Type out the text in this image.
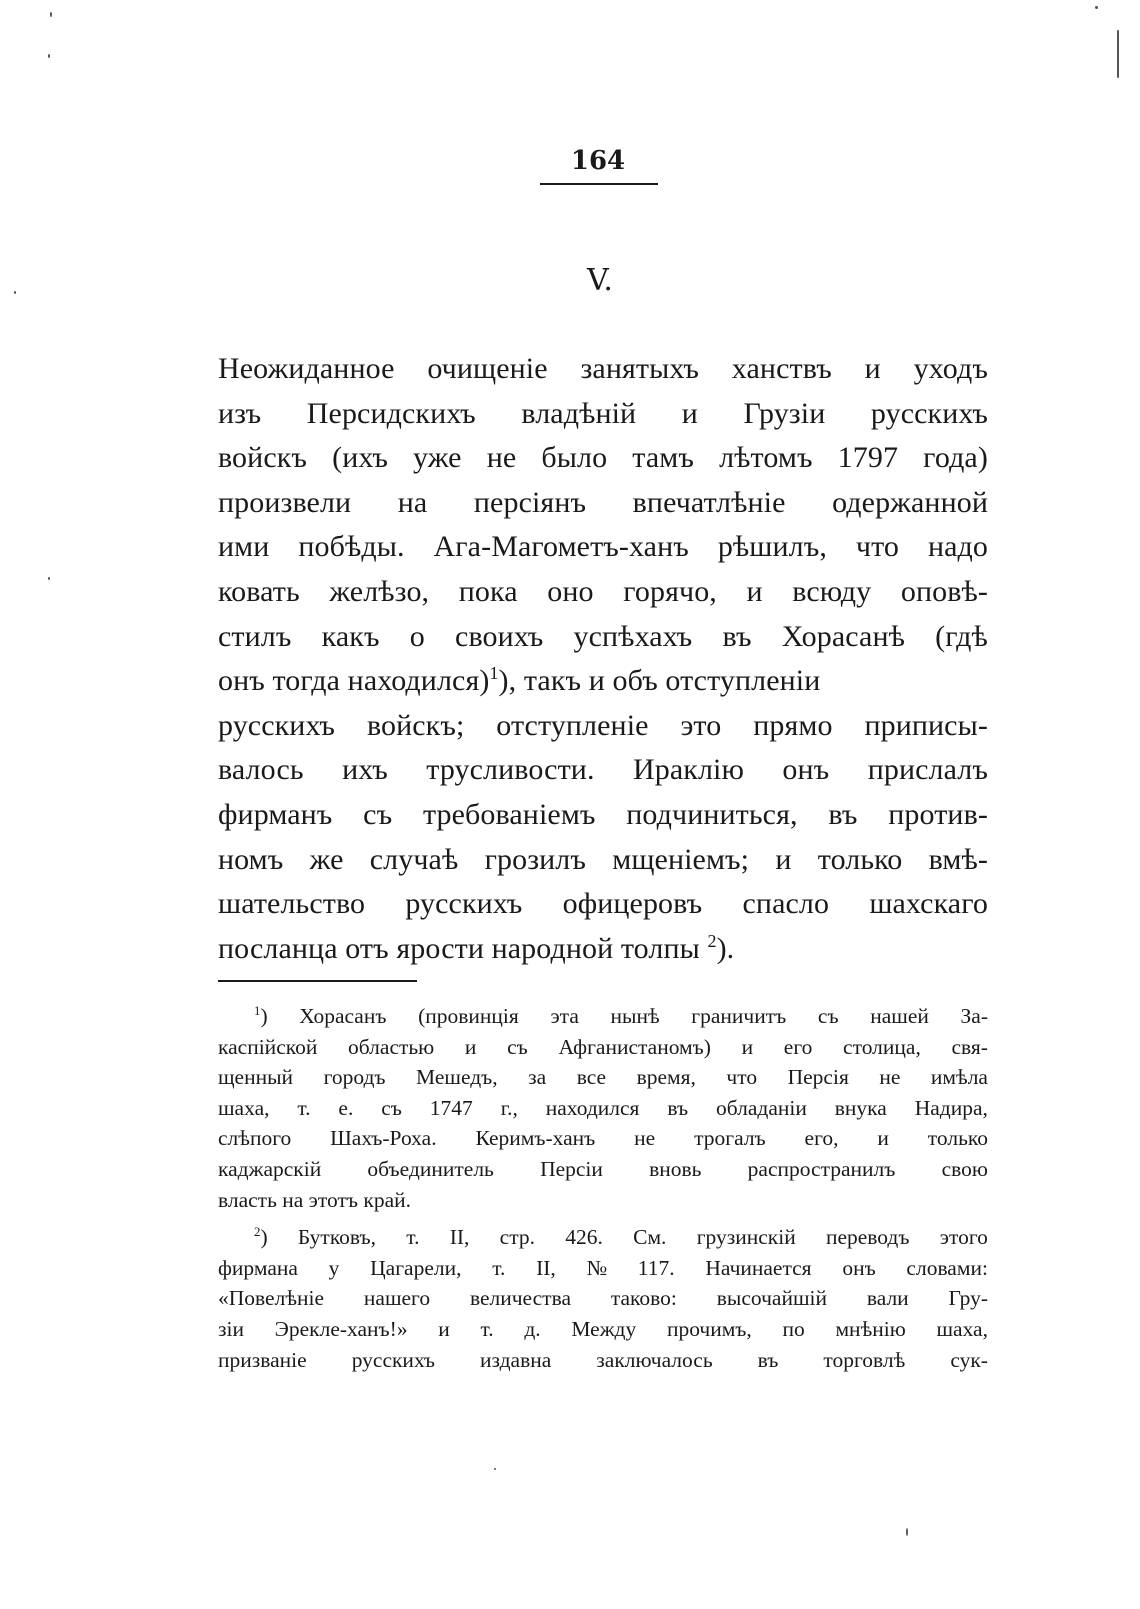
164
V.
Неожиданное очищеніе занятыхъ ханствъ и уходъ
изъ Персидскихъ владѣній и Грузіи русскихъ
войскъ (ихъ уже не было тамъ лѣтомъ 1797 года)
произвели на персіянъ впечатлѣніе одержанной
ими побѣды. Ага-Магометъ-ханъ рѣшилъ, что надо
ковать желѣзо, пока оно горячо, и всюду оповѣ-
стилъ какъ о своихъ успѣхахъ въ Хорасанѣ (гдѣ
онъ тогда находился)$^1$), такъ и объ отступленіи
русскихъ войскъ; отступленіе это прямо приписы-
валось ихъ трусливости. Ираклію онъ прислалъ
фирманъ съ требованіемъ подчиниться, въ против-
номъ же случаѣ грозилъ мщеніемъ; и только вмѣ-
шательство русскихъ офицеровъ спасло шахскаго
посланца отъ ярости народной толпы $^2$).
$^1$) Хорасанъ (провинція эта нынѣ граничитъ съ нашей За-
каспійской областью и съ Афганистаномъ) и его столица, свя-
щенный городъ Мешедъ, за все время, что Персія не имѣла
шаха, т. е. съ 1747 г., находился въ обладаніи внука Надира,
слѣпого Шахъ-Роха. Керимъ-ханъ не трогалъ его, и только
каджарскій объединитель Персіи вновь распространилъ свою
власть на этотъ край.
$^2$) Бутковъ, т. II, стр. 426. См. грузинскій переводъ этого
фирмана у Цагарели, т. II, № 117. Начинается онъ словами:
«Повелѣніе нашего величества таково: высочайшій вали Гру-
зіи Эрекле-ханъ!» и т. д. Между прочимъ, по мнѣнію шаха,
призваніе русскихъ издавна заключалось въ торговлѣ сук-
